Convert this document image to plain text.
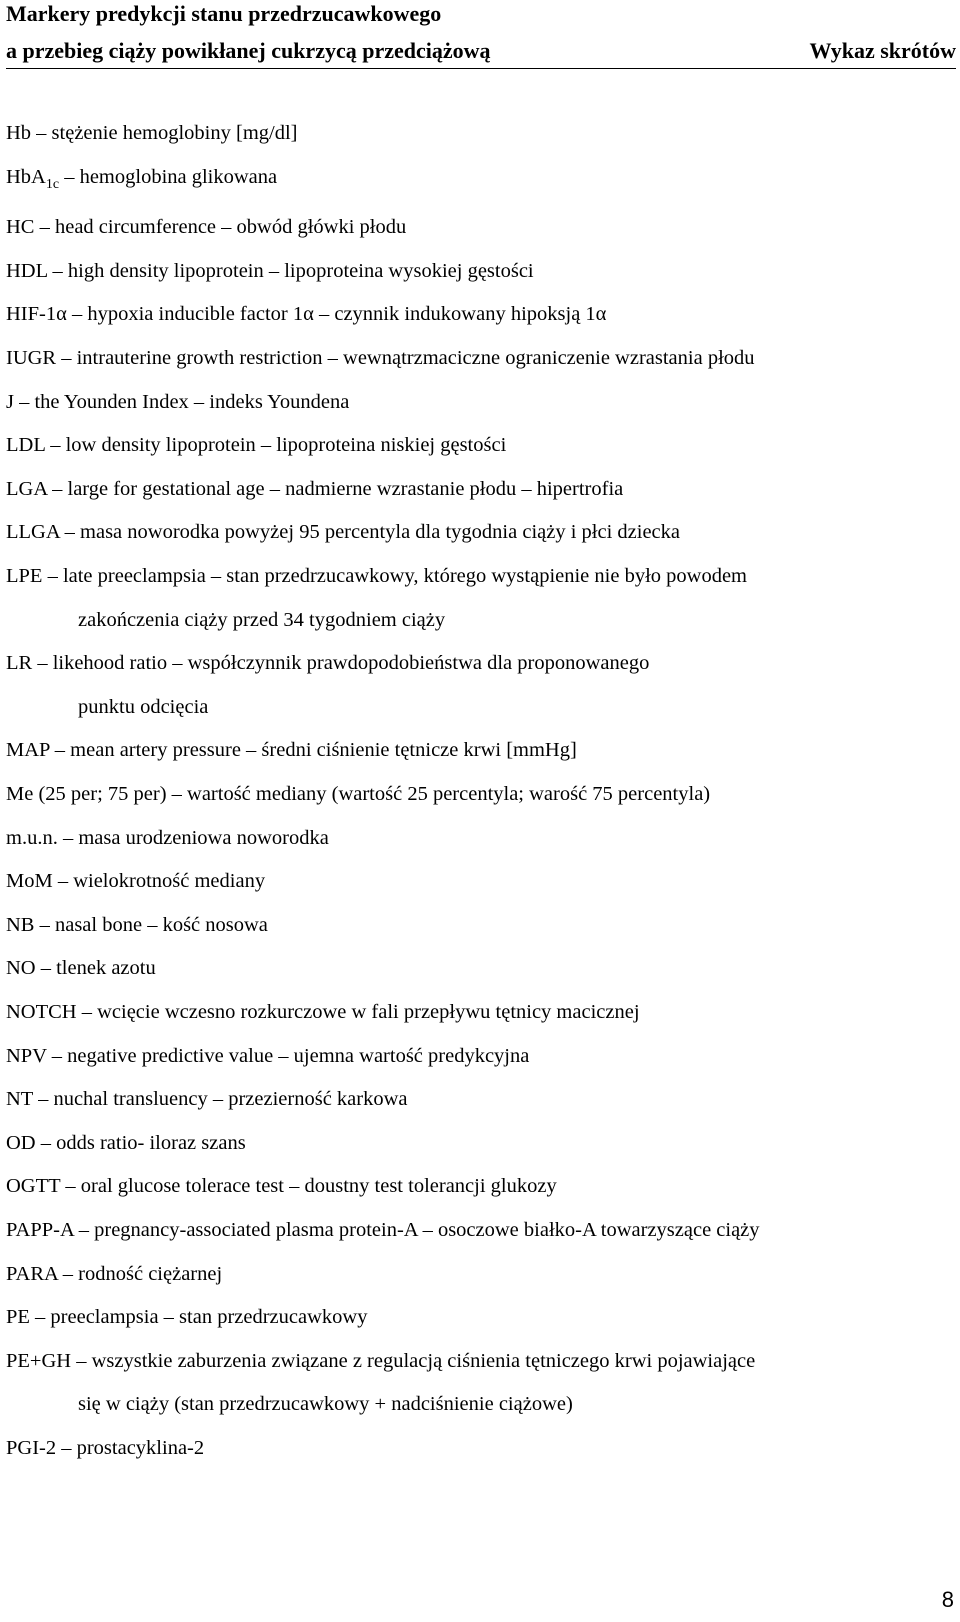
Markery predykcji stanu przedrzucawkowego
a przebieg ciąży powikłanej cukrzycą przedciążową	Wykaz skrótów
Hb – stężenie hemoglobiny [mg/dl]
HbA$_{1c}$ – hemoglobina glikowana
HC – head circumference – obwód główki płodu
HDL – high density lipoprotein – lipoproteina wysokiej gęstości
HIF-1α – hypoxia inducible factor 1α – czynnik indukowany hipoksją 1α
IUGR – intrauterine growth restriction – wewnątrzmaciczne ograniczenie wzrastania płodu
J – the Younden Index – indeks Youndena
LDL – low density lipoprotein – lipoproteina niskiej gęstości
LGA – large for gestational age – nadmierne wzrastanie płodu – hipertrofia
LLGA – masa noworodka powyżej 95 percentyla dla tygodnia ciąży i płci dziecka
LPE – late preeclampsia – stan przedrzucawkowy, którego wystąpienie nie było powodem
zakończenia ciąży przed 34 tygodniem ciąży
LR – likehood ratio – współczynnik prawdopodobieństwa dla proponowanego
punktu odcięcia
MAP – mean artery pressure – średni ciśnienie tętnicze krwi [mmHg]
Me (25 per; 75 per) – wartość mediany (wartość 25 percentyla; warość 75 percentyla)
m.u.n. – masa urodzeniowa noworodka
MoM – wielokrotność mediany
NB – nasal bone – kość nosowa
NO – tlenek azotu
NOTCH – wcięcie wczesno rozkurczowe w fali przepływu tętnicy macicznej
NPV – negative predictive value – ujemna wartość predykcyjna
NT – nuchal transluency – przezierność karkowa
OD – odds ratio- iloraz szans
OGTT – oral glucose tolerace test – doustny test tolerancji glukozy
PAPP-A – pregnancy-associated plasma protein-A – osoczowe białko-A towarzyszące ciąży
PARA – rodność ciężarnej
PE – preeclampsia – stan przedrzucawkowy
PE+GH – wszystkie zaburzenia związane z regulacją ciśnienia tętniczego krwi pojawiające
się w ciąży (stan przedrzucawkowy + nadciśnienie ciążowe)
PGI-2 – prostacyklina-2
8
